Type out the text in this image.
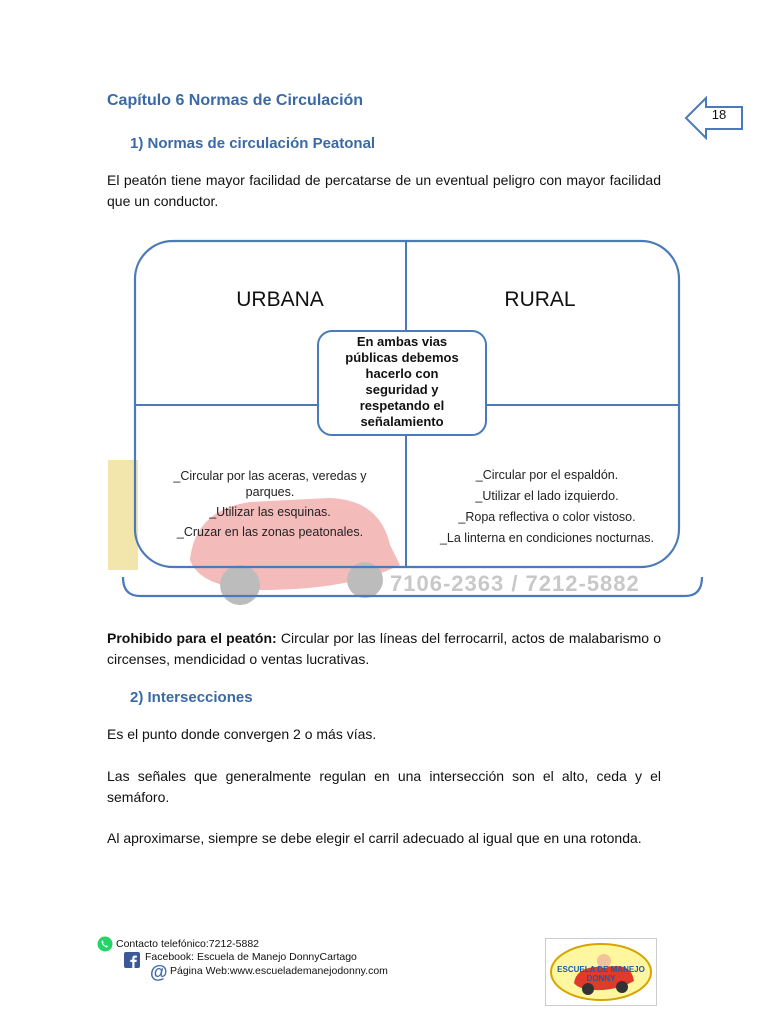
Capítulo 6 Normas de Circulación
18
1) Normas de circulación Peatonal
El peatón tiene mayor facilidad de percatarse de un eventual peligro con mayor facilidad que un conductor.
URBANA	RURAL
En ambas vias
públicas debemos
hacerlo con
seguridad y
respetando el
señalamiento
_Circular por las aceras, veredas y
parques.
_Utilizar las esquinas.
_Cruzar en las zonas peatonales.
_Circular por el espaldón.
_Utilizar el lado izquierdo.
_Ropa reflectiva o color vistoso.
_La linterna en condiciones nocturnas.
7106-2363 / 7212-5882
Prohibido para el peatón: Circular por las líneas del ferrocarril, actos de malabarismo o circenses, mendicidad o ventas lucrativas.
2) Intersecciones
Es el punto donde convergen 2 o más vías.
Las señales que generalmente regulan en una intersección son el alto, ceda y el semáforo.
Al aproximarse, siempre se debe elegir el carril adecuado al igual que en una rotonda.
Contacto telefónico:7212-5882
Facebook: Escuela de Manejo DonnyCartago
@ Página Web:www.escuelademanejodonny.com	ESCUELA DE MANEJO DONNY
